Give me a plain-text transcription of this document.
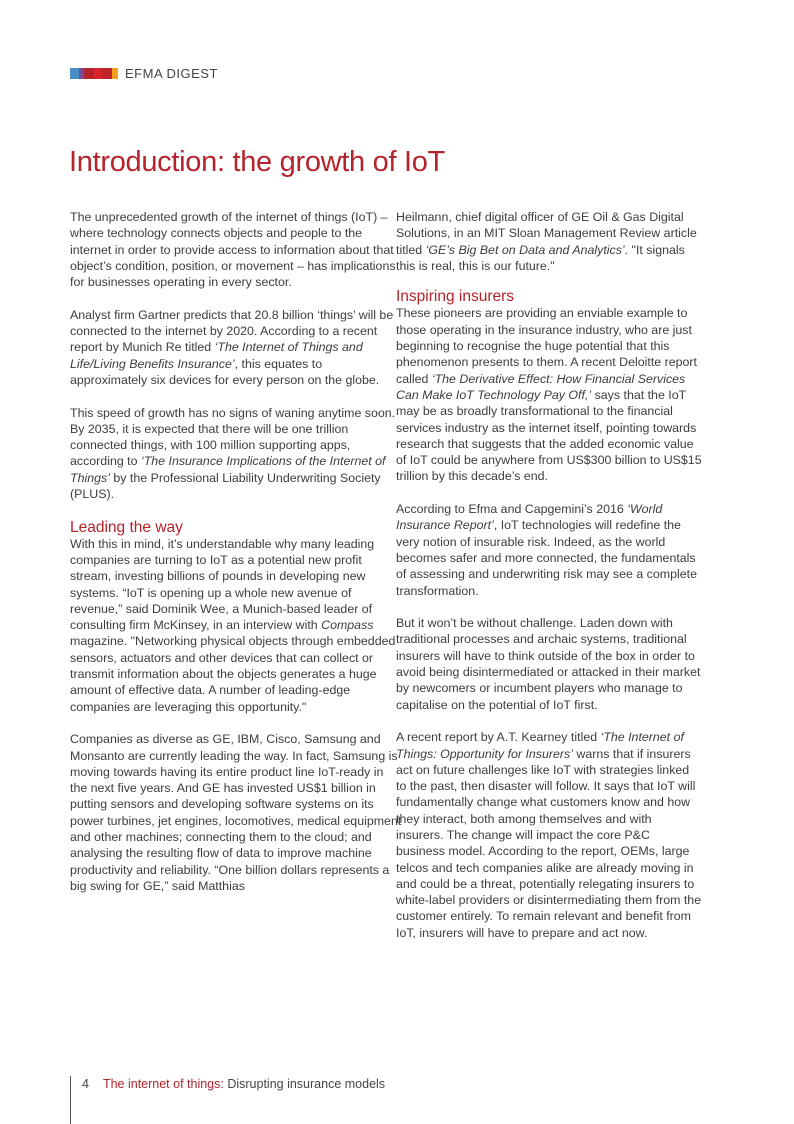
EFMA DIGEST
Introduction: the growth of IoT

The unprecedented growth of the internet of things (IoT) – where technology connects objects and people to the internet in order to provide access to information about that object’s condition, position, or movement – has implications for businesses operating in every sector.

Analyst firm Gartner predicts that 20.8 billion ‘things’ will be connected to the internet by 2020. According to a recent report by Munich Re titled ‘The Internet of Things and Life/Living Benefits Insurance’, this equates to approximately six devices for every person on the globe.

This speed of growth has no signs of waning anytime soon. By 2035, it is expected that there will be one trillion connected things, with 100 million supporting apps, according to ‘The Insurance Implications of the Internet of Things’ by the Professional Liability Underwriting Society (PLUS).

Leading the way

With this in mind, it’s understandable why many leading companies are turning to IoT as a potential new profit stream, investing billions of pounds in developing new systems. “IoT is opening up a whole new avenue of revenue,” said Dominik Wee, a Munich-based leader of consulting firm McKinsey, in an interview with Compass magazine. "Networking physical objects through embedded sensors, actuators and other devices that can collect or transmit information about the objects generates a huge amount of effective data. A number of leading-edge companies are leveraging this opportunity."

Companies as diverse as GE, IBM, Cisco, Samsung and Monsanto are currently leading the way. In fact, Samsung is moving towards having its entire product line IoT-ready in the next five years. And GE has invested US$1 billion in putting sensors and developing software systems on its power turbines, jet engines, locomotives, medical equipment and other machines; connecting them to the cloud; and analysing the resulting flow of data to improve machine productivity and reliability. “One billion dollars represents a big swing for GE,” said Matthias

Heilmann, chief digital officer of GE Oil & Gas Digital Solutions, in an MIT Sloan Management Review article titled ‘GE’s Big Bet on Data and Analytics’. "It signals this is real, this is our future."

Inspiring insurers

These pioneers are providing an enviable example to those operating in the insurance industry, who are just beginning to recognise the huge potential that this phenomenon presents to them. A recent Deloitte report called ‘The Derivative Effect: How Financial Services Can Make IoT Technology Pay Off,’ says that the IoT may be as broadly transformational to the financial services industry as the internet itself, pointing towards research that suggests that the added economic value of IoT could be anywhere from US$300 billion to US$15 trillion by this decade’s end.

According to Efma and Capgemini’s 2016 ‘World Insurance Report’, IoT technologies will redefine the very notion of insurable risk. Indeed, as the world becomes safer and more connected, the fundamentals of assessing and underwriting risk may see a complete transformation.

But it won’t be without challenge. Laden down with traditional processes and archaic systems, traditional insurers will have to think outside of the box in order to avoid being disintermediated or attacked in their market by newcomers or incumbent players who manage to capitalise on the potential of IoT first.

A recent report by A.T. Kearney titled ‘The Internet of Things: Opportunity for Insurers’ warns that if insurers act on future challenges like IoT with strategies linked to the past, then disaster will follow. It says that IoT will fundamentally change what customers know and how they interact, both among themselves and with insurers. The change will impact the core P&C business model. According to the report, OEMs, large telcos and tech companies alike are already moving in and could be a threat, potentially relegating insurers to white-label providers or disintermediating them from the customer entirely. To remain relevant and benefit from IoT, insurers will have to prepare and act now.

4 The internet of things: Disrupting insurance models
